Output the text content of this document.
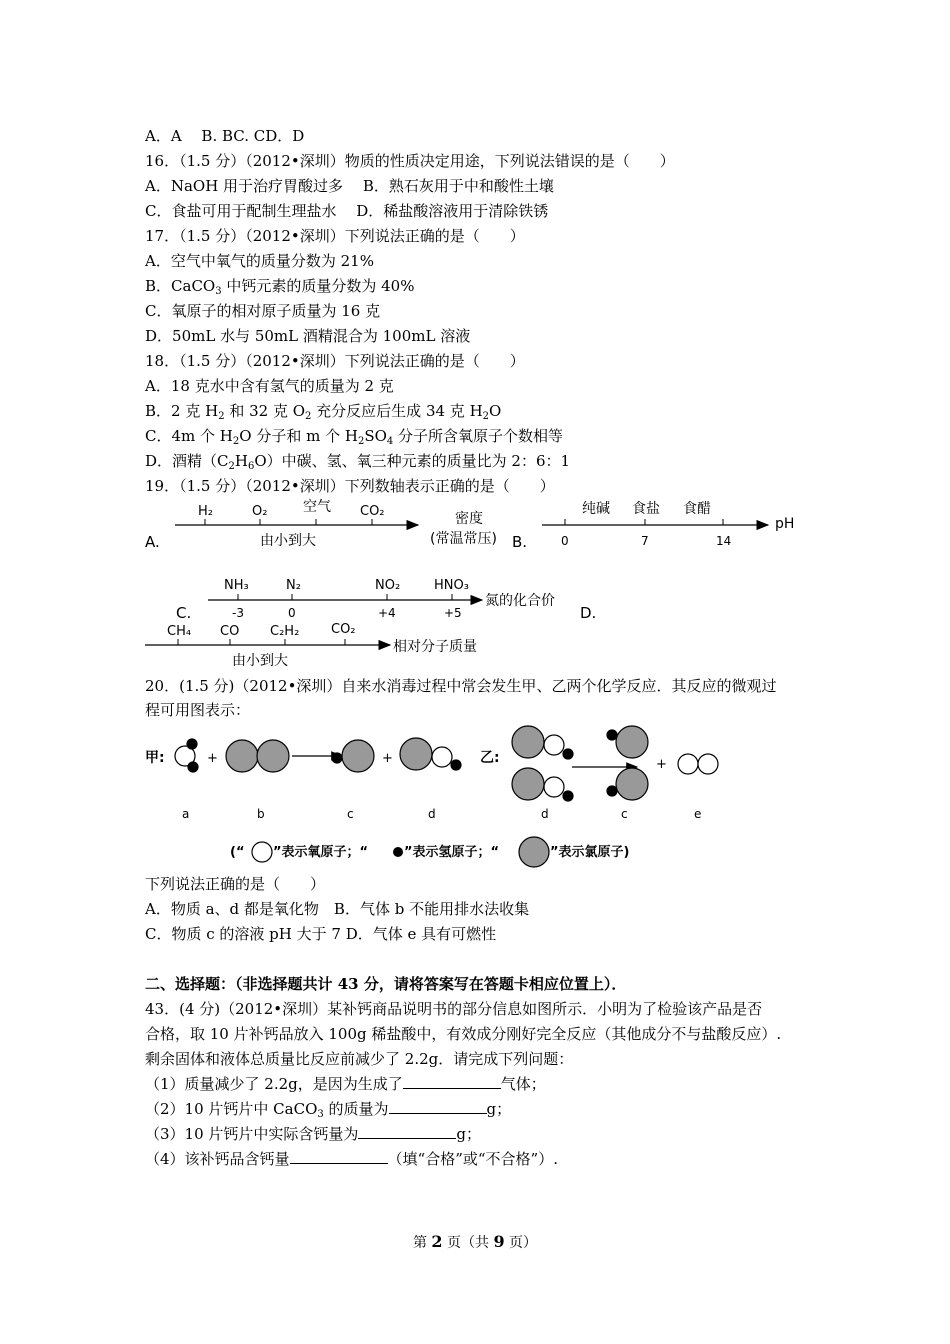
A．A　 B. BC. CD．D
16．（1.5 分）（2012•深圳）物质的性质决定用途，下列说法错误的是（　　）
A．NaOH 用于治疗胃酸过多　 B．熟石灰用于中和酸性土壤
C．食盐可用于配制生理盐水　 D．稀盐酸溶液用于清除铁锈
17．（1.5 分）（2012•深圳）下列说法正确的是（　　）
A．空气中氧气的质量分数为 21%
B．CaCO$_3$ 中钙元素的质量分数为 40%
C．氧原子的相对原子质量为 16 克
D．50mL 水与 50mL 酒精混合为 100mL 溶液
18．（1.5 分）（2012•深圳）下列说法正确的是（　　）
A．18 克水中含有氢气的质量为 2 克
B．2 克 $H_2$ 和 32 克 $O_2$ 充分反应后生成 34 克 $H_2O$
C．4m 个 $H_2O$ 分子和 m 个 $H_2SO_4$ 分子所含氧原子个数相等
D．酒精$(C_2H_6O)$中碳、氢、氧三种元素的质量比为 2：6：1
19．（1.5 分）（2012•深圳）下列数轴表示正确的是（　　）
A.
H₂	O₂	空气 CO₂
由小到大
密度
(常温常压) B.
纯碱 食盐 食醋
0	7	14
pH
C.
NH₃	N₂	NO₂	HNO₃
-3	0	+4	+5
氮的化合价
D.
CH₄ CO C₂H₂ CO₂
由小到大
相对分子质量
20．(1.5 分)（2012•深圳）自来水消毒过程中常会发生甲、乙两个化学反应．其反应的微观过
程可用图表示：
甲:	+	+
a	b	c	d
乙:	+
d	c	e
(“ ”表示氧原子；“	”表示氢原子；“	”表示氯原子)
下列说法正确的是（　　）
A．物质 a、d 都是氧化物　B．气体 b 不能用排水法收集
C．物质 c 的溶液 pH 大于 7 D．气体 e 具有可燃性
二、选择题：（非选择题共计 43 分，请将答案写在答题卡相应位置上）．
43．(4 分)（2012•深圳）某补钙商品说明书的部分信息如图所示．小明为了检验该产品是否
合格，取 10 片补钙品放入 100g 稀盐酸中，有效成分刚好完全反应（其他成分不与盐酸反应）.
剩余固体和液体总质量比反应前减少了 2.2g．请完成下列问题：
（1）质量减少了 2.2g，是因为生成了	气体；
（2）10 片钙片中 CaCO$_3$ 的质量为	g；
（3）10 片钙片中实际含钙量为	g；
（4）该补钙品含钙量	（填“合格”或“不合格”）.
第 2 页（共 9 页）
